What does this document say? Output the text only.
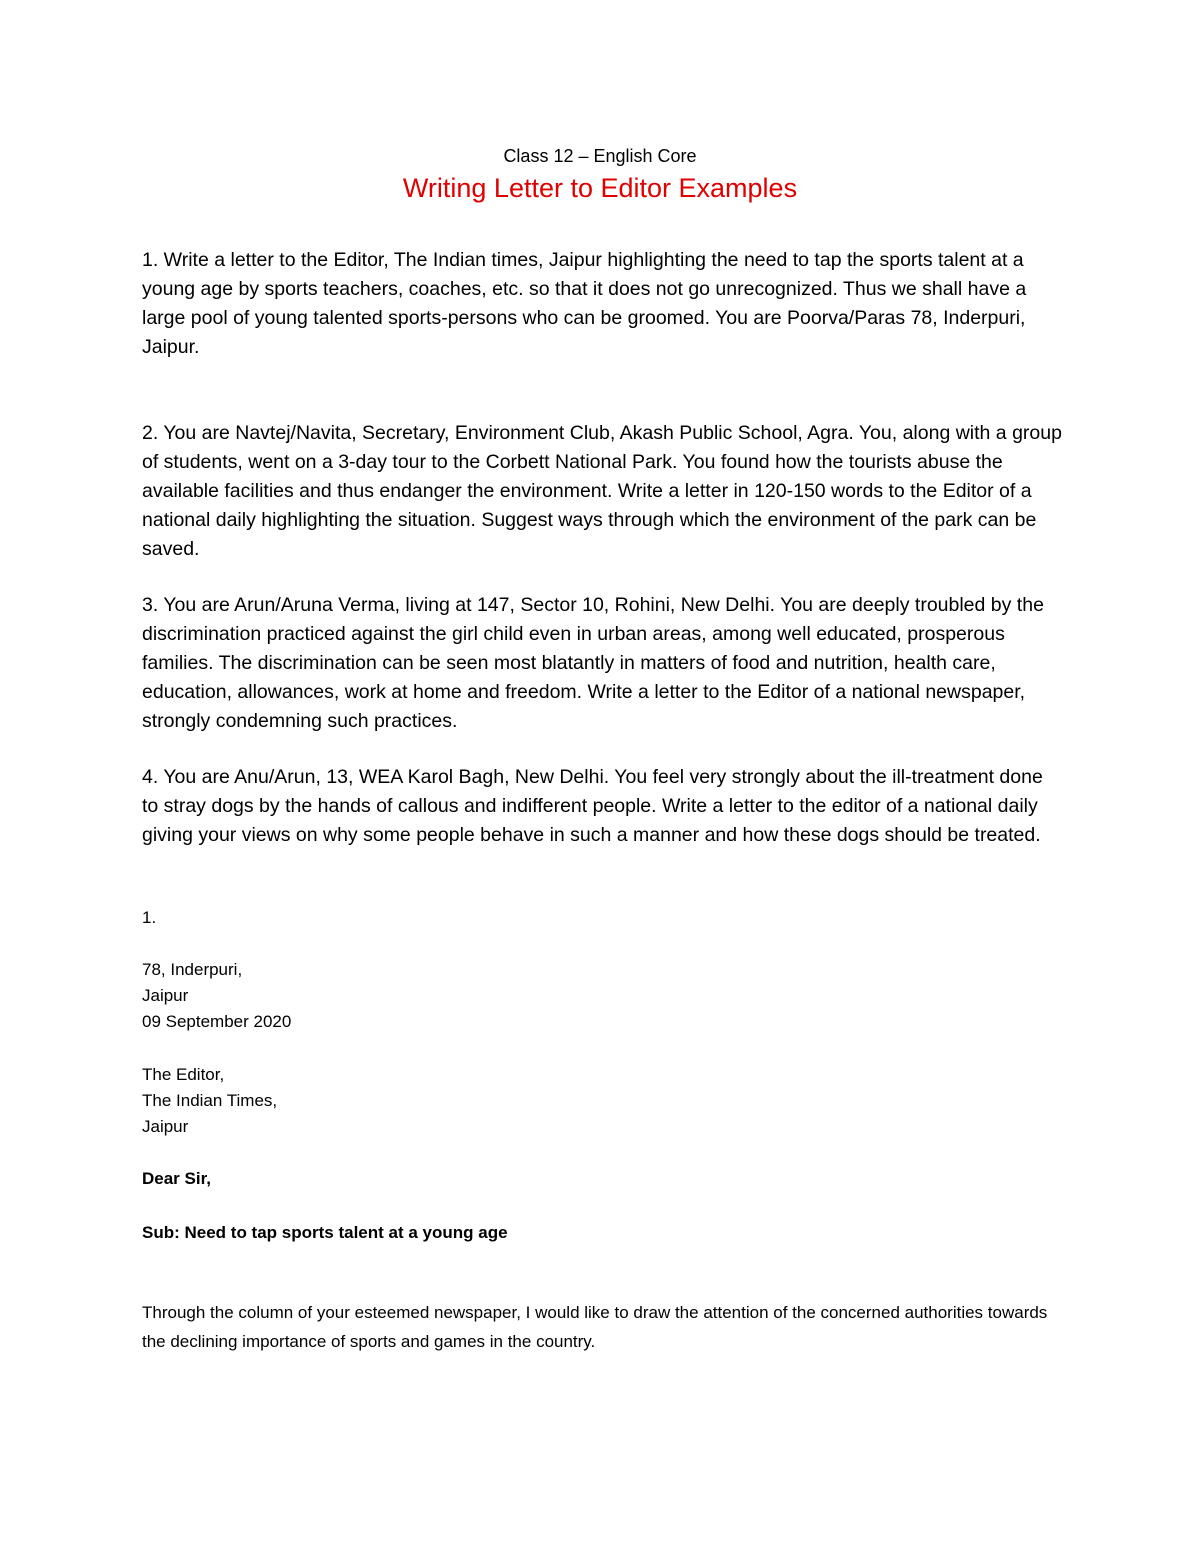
Class 12 – English Core
Writing Letter to Editor Examples

1. Write a letter to the Editor, The Indian times, Jaipur highlighting the need to tap the sports talent at a young age by sports teachers, coaches, etc. so that it does not go unrecognized. Thus we shall have a large pool of young talented sports-persons who can be groomed. You are Poorva/Paras 78, Inderpuri, Jaipur.

2. You are Navtej/Navita, Secretary, Environment Club, Akash Public School, Agra. You, along with a group of students, went on a 3-day tour to the Corbett National Park. You found how the tourists abuse the available facilities and thus endanger the environment. Write a letter in 120-150 words to the Editor of a national daily highlighting the situation. Suggest ways through which the environment of the park can be saved.

3. You are Arun/Aruna Verma, living at 147, Sector 10, Rohini, New Delhi. You are deeply troubled by the discrimination practiced against the girl child even in urban areas, among well educated, prosperous families. The discrimination can be seen most blatantly in matters of food and nutrition, health care, education, allowances, work at home and freedom. Write a letter to the Editor of a national newspaper, strongly condemning such practices.

4. You are Anu/Arun, 13, WEA Karol Bagh, New Delhi. You feel very strongly about the ill-treatment done to stray dogs by the hands of callous and indifferent people. Write a letter to the editor of a national daily giving your views on why some people behave in such a manner and how these dogs should be treated.

1.
78, Inderpuri,
Jaipur
09 September 2020
The Editor,
The Indian Times,
Jaipur
Dear Sir,
Sub: Need to tap sports talent at a young age

Through the column of your esteemed newspaper, I would like to draw the attention of the concerned authorities towards the declining importance of sports and games in the country.
